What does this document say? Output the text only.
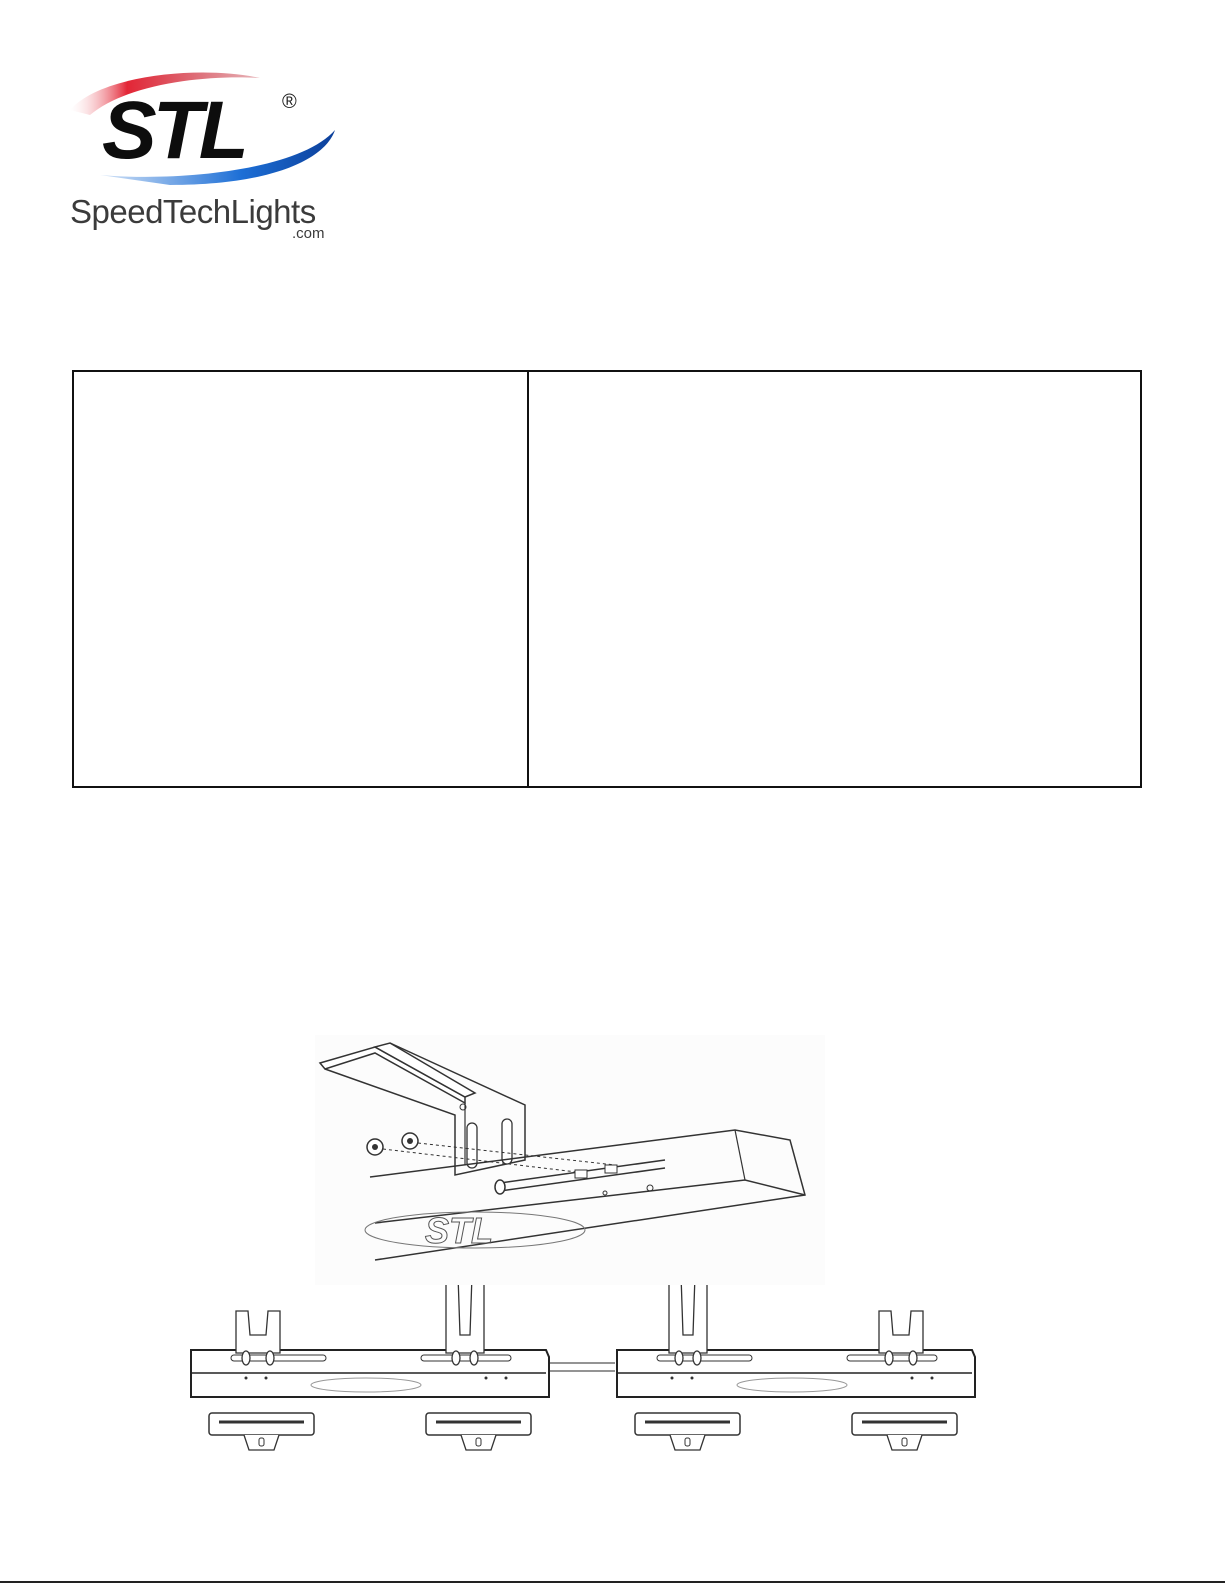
STL ®
SpeedTechLights
.com
STL
